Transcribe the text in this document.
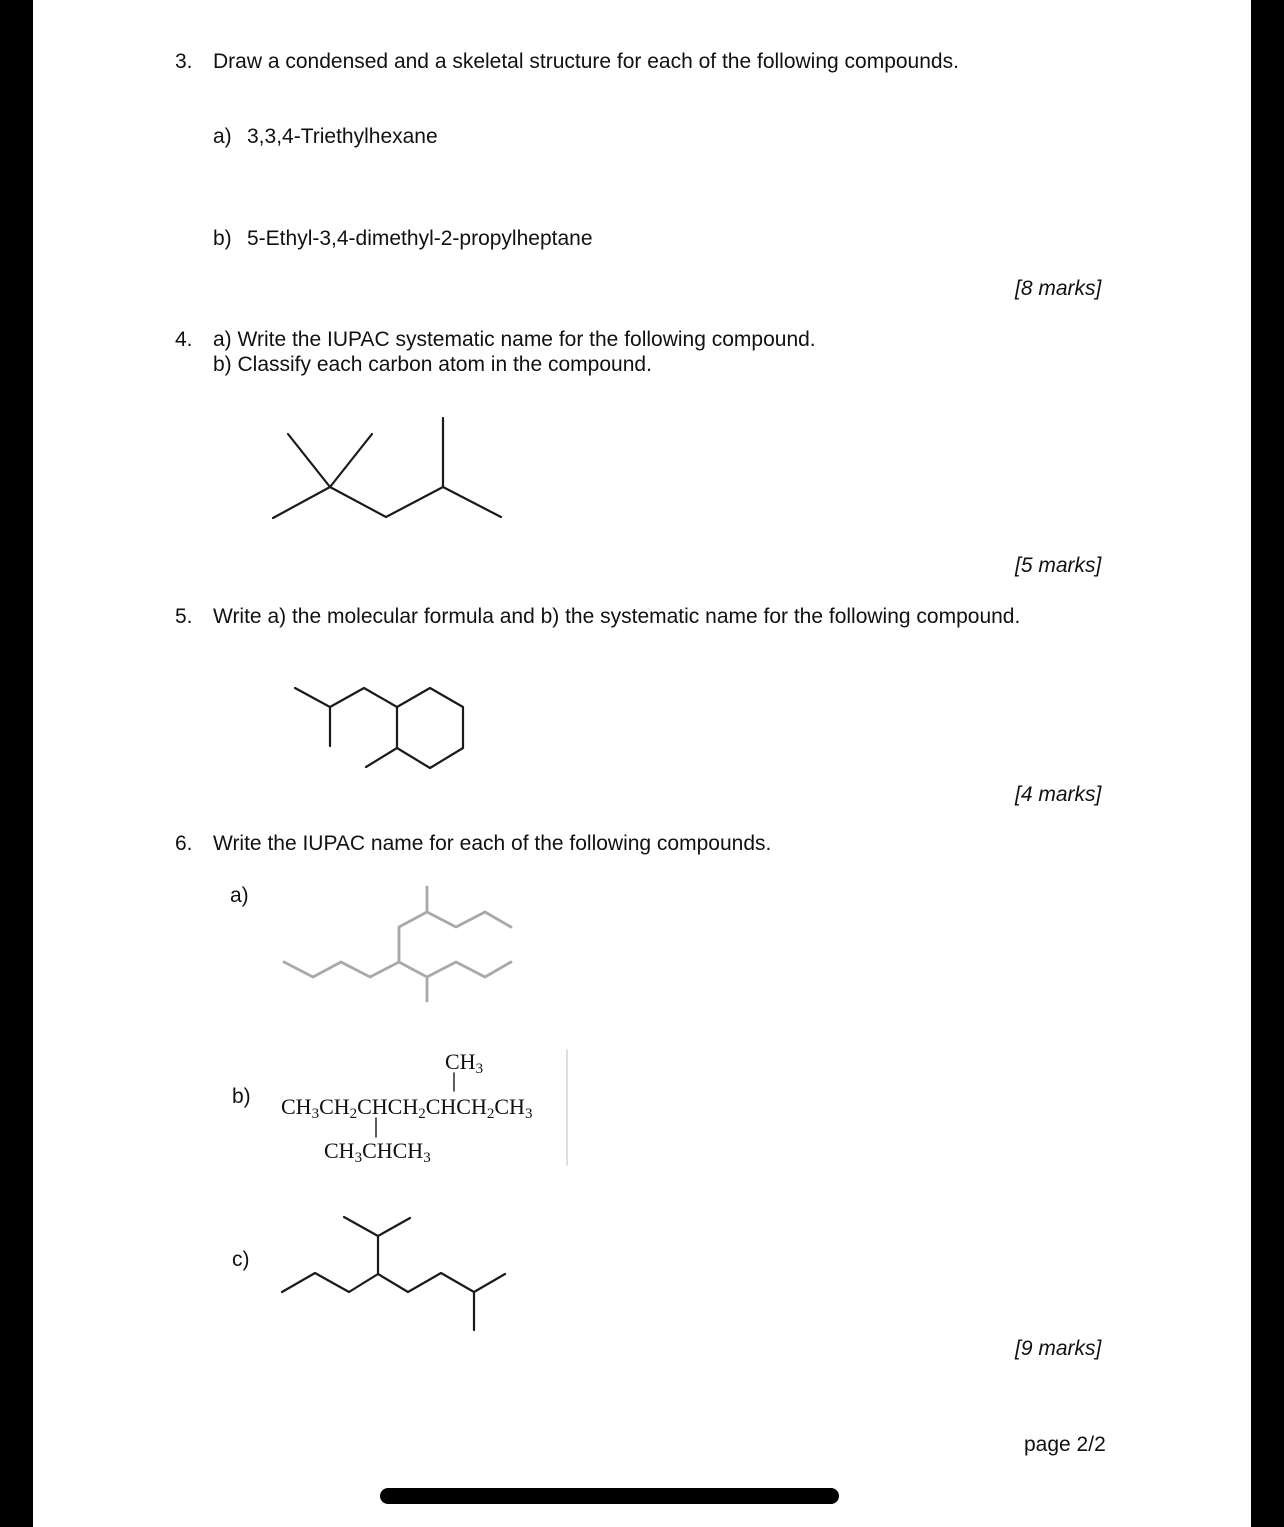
3. Draw a condensed and a skeletal structure for each of the following compounds.
a) 3,3,4-Triethylhexane
b) 5-Ethyl-3,4-dimethyl-2-propylheptane
[8 marks]
4. a) Write the IUPAC systematic name for the following compound.
b) Classify each carbon atom in the compound.
[5 marks]
5. Write a) the molecular formula and b) the systematic name for the following compound.
[4 marks]
6. Write the IUPAC name for each of the following compounds.
a)
b)
$CH_3$
$CH_3CH_2CHCH_2CHCH_2CH_3$
$CH_3CHCH_3$
c)
[9 marks]
page 2/2
